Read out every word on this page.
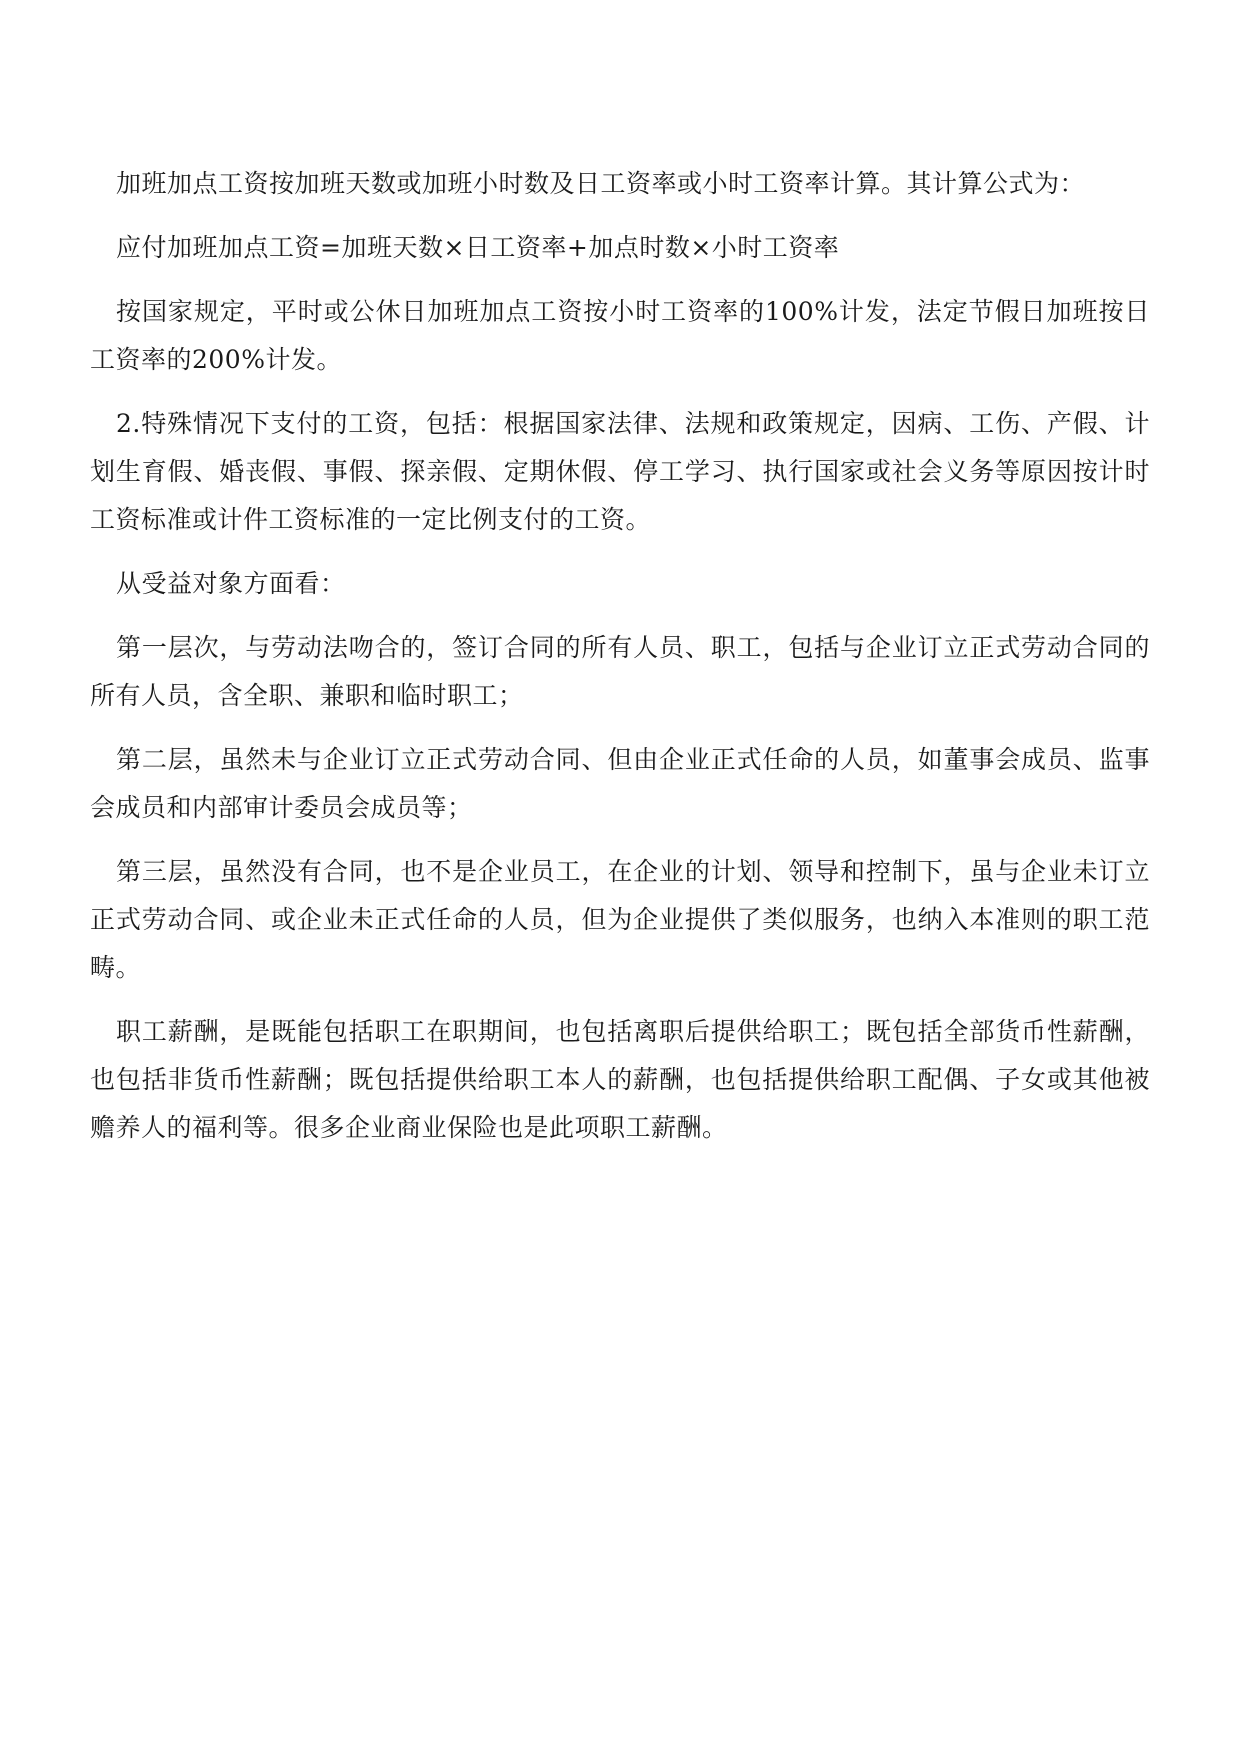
加班加点工资按加班天数或加班小时数及日工资率或小时工资率计算。其计算公式为：

应付加班加点工资=加班天数×日工资率+加点时数×小时工资率

按国家规定，平时或公休日加班加点工资按小时工资率的100%计发，法定节假日加班按日工资率的200%计发。

2.特殊情况下支付的工资，包括：根据国家法律、法规和政策规定，因病、工伤、产假、计划生育假、婚丧假、事假、探亲假、定期休假、停工学习、执行国家或社会义务等原因按计时工资标准或计件工资标准的一定比例支付的工资。

从受益对象方面看：

第一层次，与劳动法吻合的，签订合同的所有人员、职工，包括与企业订立正式劳动合同的所有人员，含全职、兼职和临时职工；

第二层，虽然未与企业订立正式劳动合同、但由企业正式任命的人员，如董事会成员、监事会成员和内部审计委员会成员等；

第三层，虽然没有合同，也不是企业员工，在企业的计划、领导和控制下，虽与企业未订立正式劳动合同、或企业未正式任命的人员，但为企业提供了类似服务，也纳入本准则的职工范畴。

职工薪酬，是既能包括职工在职期间，也包括离职后提供给职工；既包括全部货币性薪酬，也包括非货币性薪酬；既包括提供给职工本人的薪酬，也包括提供给职工配偶、子女或其他被赡养人的福利等。很多企业商业保险也是此项职工薪酬。
